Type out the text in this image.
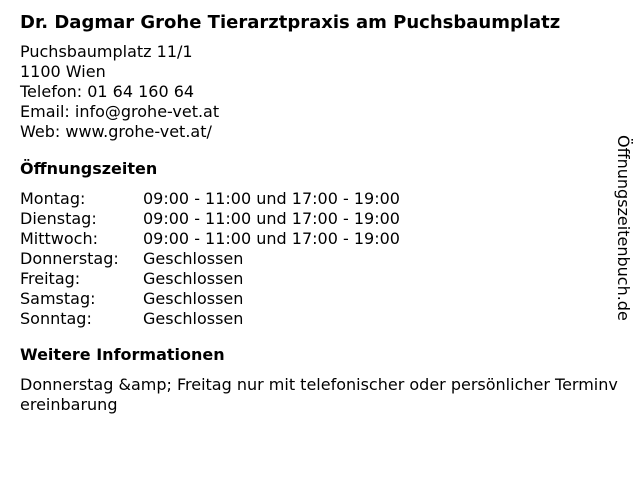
Dr. Dagmar Grohe Tierarztpraxis am Puchsbaumplatz
Puchsbaumplatz 11/1
1100 Wien
Telefon: 01 64 160 64
Email: info@grohe-vet.at
Web: www.grohe-vet.at/
Öffnungszeiten
Montag:	09:00 - 11:00 und 17:00 - 19:00
Dienstag:	09:00 - 11:00 und 17:00 - 19:00
Mittwoch:	09:00 - 11:00 und 17:00 - 19:00
Donnerstag:	Geschlossen
Freitag:	Geschlossen
Samstag:	Geschlossen
Sonntag:	Geschlossen
Weitere Informationen
Donnerstag &amp; Freitag nur mit telefonischer oder persönlicher Terminvereinbarung
Öffnungszeitenbuch.de
